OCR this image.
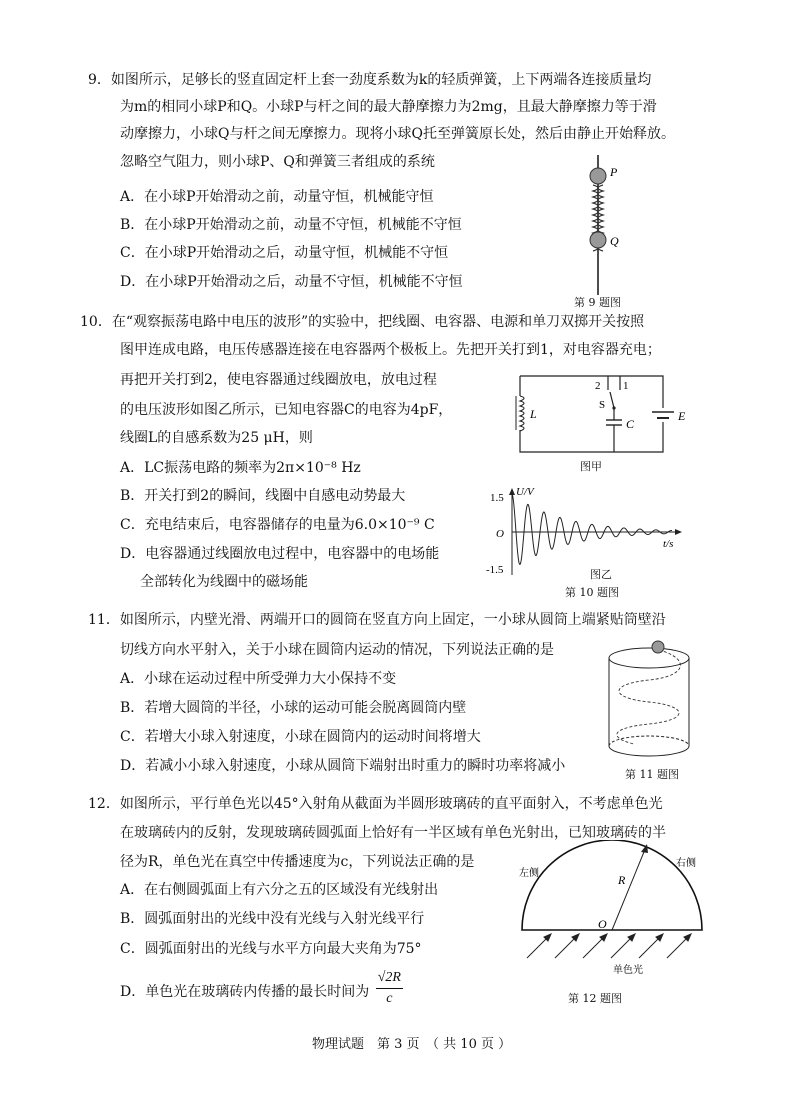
9．如图所示，足够长的竖直固定杆上套一劲度系数为k的轻质弹簧，上下两端各连接质量均
为m的相同小球P和Q。小球P与杆之间的最大静摩擦力为2mg，且最大静摩擦力等于滑
动摩擦力，小球Q与杆之间无摩擦力。现将小球Q托至弹簧原长处，然后由静止开始释放。
忽略空气阻力，则小球P、Q和弹簧三者组成的系统
A．在小球P开始滑动之前，动量守恒，机械能守恒
B．在小球P开始滑动之前，动量不守恒，机械能不守恒
C．在小球P开始滑动之后，动量守恒，机械能不守恒
D．在小球P开始滑动之后，动量不守恒，机械能不守恒
P
Q
第 9 题图
10．在“观察振荡电路中电压的波形”的实验中，把线圈、电容器、电源和单刀双掷开关按照
图甲连成电路，电压传感器连接在电容器两个极板上。先把开关打到1，对电容器充电；
再把开关打到2，使电容器通过线圈放电，放电过程
的电压波形如图乙所示，已知电容器C的电容为4pF，
线圈L的自感系数为25 μH，则
A．LC振荡电路的频率为2π×10⁻⁸ Hz
B．开关打到2的瞬间，线圈中自感电动势最大
C．充电结束后，电容器储存的电量为6.0×10⁻⁹ C
D．电容器通过线圈放电过程中，电容器中的电场能
全部转化为线圈中的磁场能
L
2 1
S
C
E
图甲
U/V
t/s
1.5
-1.5
O
图乙
第 10 题图
11．如图所示，内壁光滑、两端开口的圆筒在竖直方向上固定，一小球从圆筒上端紧贴筒壁沿
切线方向水平射入，关于小球在圆筒内运动的情况，下列说法正确的是
A．小球在运动过程中所受弹力大小保持不变
B．若增大圆筒的半径，小球的运动可能会脱离圆筒内壁
C．若增大小球入射速度，小球在圆筒内的运动时间将增大
D．若减小小球入射速度，小球从圆筒下端射出时重力的瞬时功率将减小
第 11 题图
12．如图所示，平行单色光以45°入射角从截面为半圆形玻璃砖的直平面射入，不考虑单色光
在玻璃砖内的反射，发现玻璃砖圆弧面上恰好有一半区域有单色光射出，已知玻璃砖的半
径为R，单色光在真空中传播速度为c，下列说法正确的是
A．在右侧圆弧面上有六分之五的区域没有光线射出
B．圆弧面射出的光线中没有光线与入射光线平行
C．圆弧面射出的光线与水平方向最大夹角为75°
D．单色光在玻璃砖内传播的最长时间为 $\frac{√2R}{c}$
R
O
左侧
右侧
单色光
第 12 题图
物理试题　第 3 页　（ 共 10 页 ）
